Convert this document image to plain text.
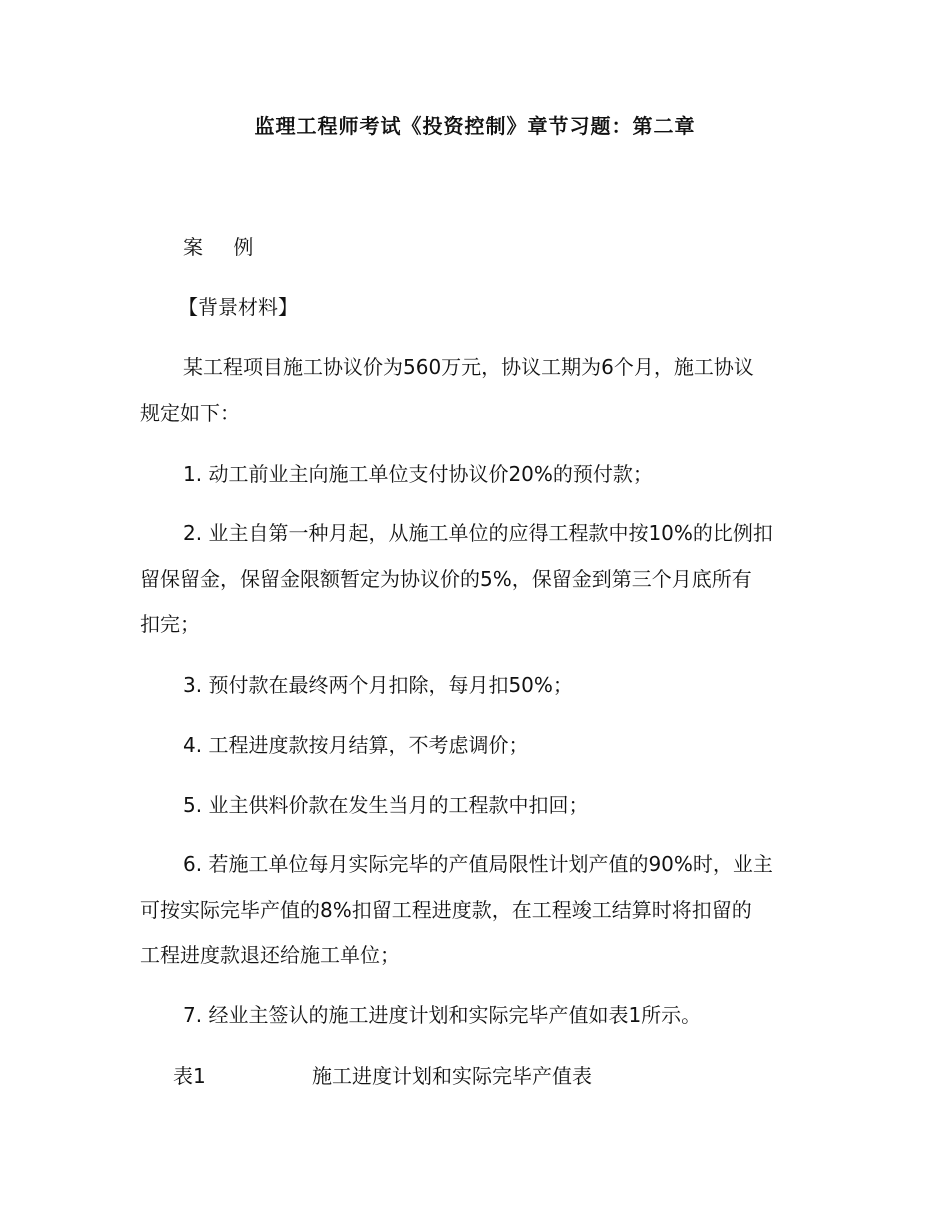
监理工程师考试《投资控制》章节习题：第二章
案 例
【背景材料】
某工程项目施工协议价为560万元，协议工期为6个月，施工协议
规定如下：
1. 动工前业主向施工单位支付协议价20%的预付款；
2. 业主自第一种月起，从施工单位的应得工程款中按10%的比例扣
留保留金，保留金限额暂定为协议价的5%，保留金到第三个月底所有
扣完；
3. 预付款在最终两个月扣除，每月扣50%；
4. 工程进度款按月结算，不考虑调价；
5. 业主供料价款在发生当月的工程款中扣回；
6. 若施工单位每月实际完毕的产值局限性计划产值的90%时，业主
可按实际完毕产值的8%扣留工程进度款，在工程竣工结算时将扣留的
工程进度款退还给施工单位；
7. 经业主签认的施工进度计划和实际完毕产值如表1所示。
表1	施工进度计划和实际完毕产值表
